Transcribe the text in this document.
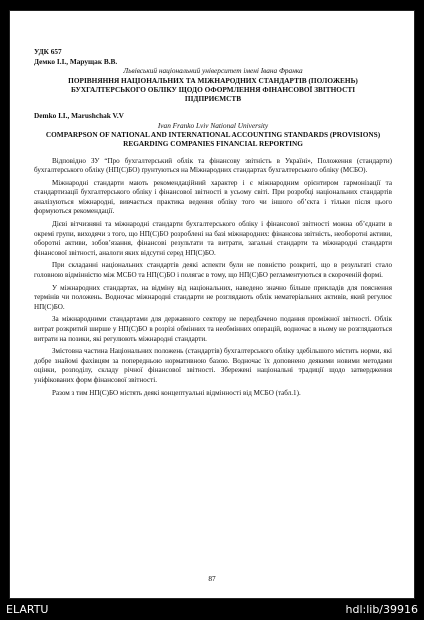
УДК 657

Демко І.І., Марущак В.В.

Львівський національний університет імені Івана Франка

ПОРІВНЯННЯ НАЦІОНАЛЬНИХ ТА МІЖНАРОДНИХ СТАНДАРТІВ (ПОЛОЖЕНЬ) БУХГАЛТЕРСЬКОГО ОБЛІКУ ЩОДО ОФОРМЛЕННЯ ФІНАНСОВОЇ ЗВІТНОСТІ ПІДПРИЄМСТВ

Demko I.I., Marushchak V.V

Ivan Franko Lviv National University

COMPARPSON OF NATIONAL AND INTERNATIONAL ACCOUNTING STANDARDS (PROVISIONS) REGARDING COMPANIES FINANCIAL REPORTING

Відповідно ЗУ “Про бухгалтерський облік та фінансову звітність в Україні», Положення (стандарти) бухгалтерського обліку (НП(С)БО) ґрунтуються на Міжнародних стандартах бухгалтерського обліку (МСБО).

Міжнародні стандарти мають рекомендаційний характер і є міжнародним орієнтиром гармонізації та стандартизації бухгалтерського обліку і фінансової звітності в усьому світі. При розробці національних стандартів аналізуються міжнародні, вивчається практика ведення обліку того чи іншого об’єкта і тільки після цього формуються рекомендації.

Дієві вітчизняні та міжнародні стандарти бухгалтерського обліку і фінансової звітності можна об’єднати в окремі групи, виходячи з того, що НП(С)БО розроблені на базі міжнародних: фінансова звітність, необоротні активи, оборотні активи, зобов’язання, фінансові результати та витрати, загальні стандарти та міжнародні стандарти фінансової звітності, аналоги яких відсутні серед НП(С)БО.

При складанні національних стандартів деякі аспекти були не повністю розкриті, що в результаті стало головною відмінністю між МСБО та НП(С)БО і полягає в тому, що НП(С)БО регламентуються в скороченій формі.

У міжнародних стандартах, на відміну від національних, наведено значно більше прикладів для пояснення термінів чи положень. Водночас міжнародні стандарти не розглядають облік нематеріальних активів, який регулює НП(С)БО.

За міжнародними стандартами для державного сектору не передбачено подання проміжної звітності. Облік витрат розкритий ширше у НП(С)БО в розрізі обмінних та необмінних операцій, водночас в ньому не розглядаються витрати на позики, які регулюють міжнародні стандарти.

Змістовна частина Національних положень (стандартів) бухгалтерського обліку здебільшого містить норми, які добре знайомі фахівцям за попередньою нормативною базою. Водночас їх доповнено деякими новими методами оцінки, розподілу, складу річної фінансової звітності. Збережені національні традиції щодо затвердження уніфікованих форм фінансової звітності.

Разом з тим НП(С)БО містять деякі концептуальні відмінності від МСБО (табл.1).

87
ELARTU	hdl:lib/39916
